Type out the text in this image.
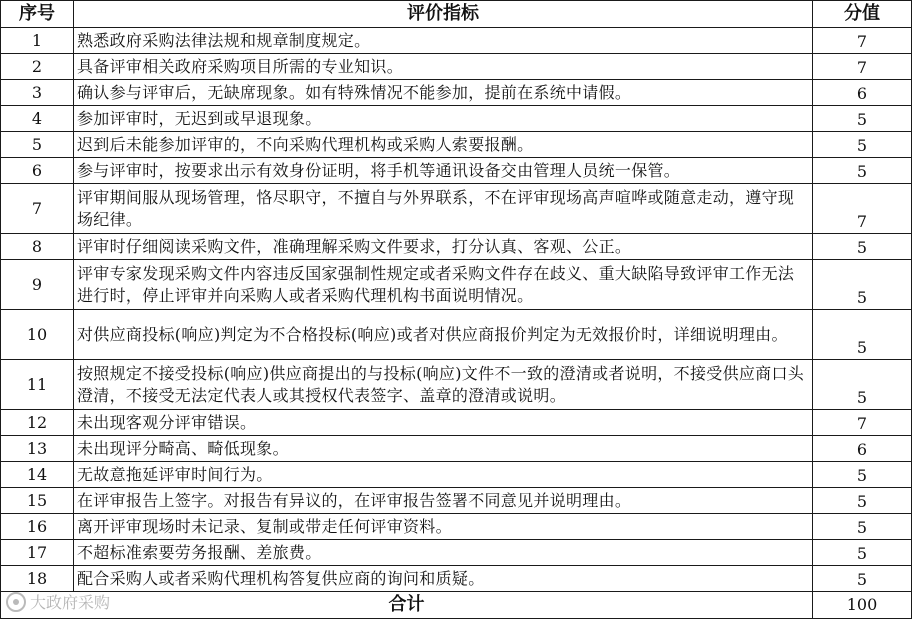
序号	评价指标	分值
1	熟悉政府采购法律法规和规章制度规定。	7
2	具备评审相关政府采购项目所需的专业知识。	7
3	确认参与评审后，无缺席现象。如有特殊情况不能参加，提前在系统中请假。	6
4	参加评审时，无迟到或早退现象。	5
5	迟到后未能参加评审的，不向采购代理机构或采购人索要报酬。	5
6	参与评审时，按要求出示有效身份证明，将手机等通讯设备交由管理人员统一保管。	5
7	评审期间服从现场管理，恪尽职守，不擅自与外界联系，不在评审现场高声喧哗或随意走动，遵守现场纪律。	7
8	评审时仔细阅读采购文件，准确理解采购文件要求，打分认真、客观、公正。	5
9	评审专家发现采购文件内容违反国家强制性规定或者采购文件存在歧义、重大缺陷导致评审工作无法进行时，停止评审并向采购人或者采购代理机构书面说明情况。	5
10	对供应商投标(响应)判定为不合格投标(响应)或者对供应商报价判定为无效报价时，详细说明理由。	5
11	按照规定不接受投标(响应)供应商提出的与投标(响应)文件不一致的澄清或者说明，不接受供应商口头澄清，不接受无法定代表人或其授权代表签字、盖章的澄清或说明。	5
12	未出现客观分评审错误。	7
13	未出现评分畸高、畸低现象。	6
14	无故意拖延评审时间行为。	5
15	在评审报告上签字。对报告有异议的，在评审报告签署不同意见并说明理由。	5
16	离开评审现场时未记录、复制或带走任何评审资料。	5
17	不超标准索要劳务报酬、差旅费。	5
18	配合采购人或者采购代理机构答复供应商的询问和质疑。	5
合计		100
大政府采购
